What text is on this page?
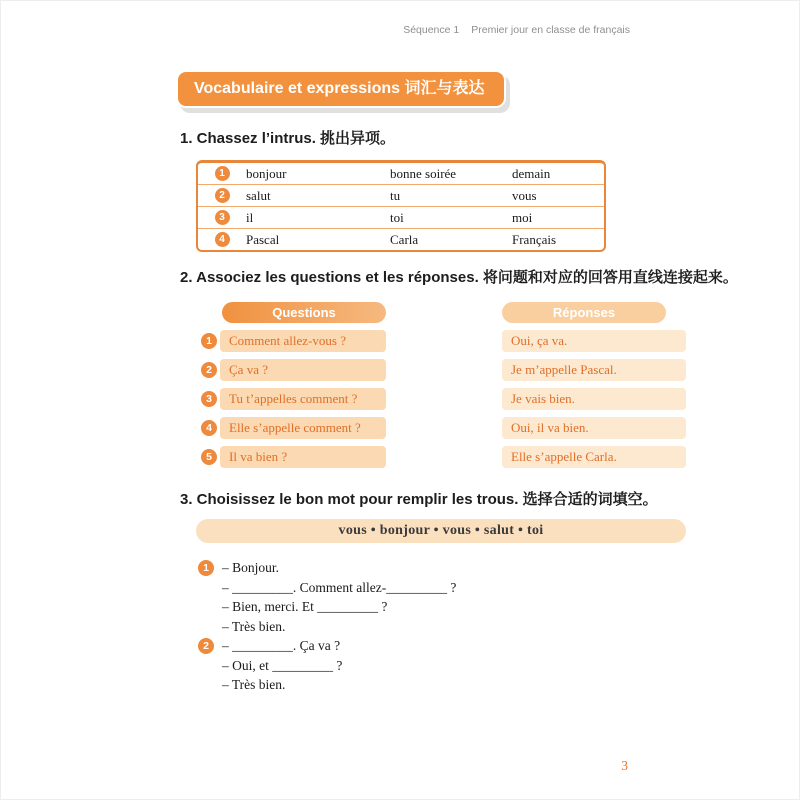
Séquence 1 Premier jour en classe de français
Vocabulaire et expressions 词汇与表达
1. Chassez l’intrus. 挑出异项。
1	bonjour	bonne soirée	demain
2	salut	tu	vous
3	il	toi	moi
4	Pascal	Carla	Français
2. Associez les questions et les réponses. 将问题和对应的回答用直线连接起来。
Questions	Réponses
1	Comment allez-vous ?	Oui, ça va.
2	Ça va ?	Je m’appelle Pascal.
3	Tu t’appelles comment ?	Je vais bien.
4	Elle s’appelle comment ?	Oui, il va bien.
5	Il va bien ?	Elle s’appelle Carla.
3. Choisissez le bon mot pour remplir les trous. 选择合适的词填空。
vous • bonjour • vous • salut • toi
1 – Bonjour.
– _________. Comment allez-_________ ?
– Bien, merci. Et _________ ?
– Très bien.
2 – _________. Ça va ?
– Oui, et _________ ?
– Très bien.
3
